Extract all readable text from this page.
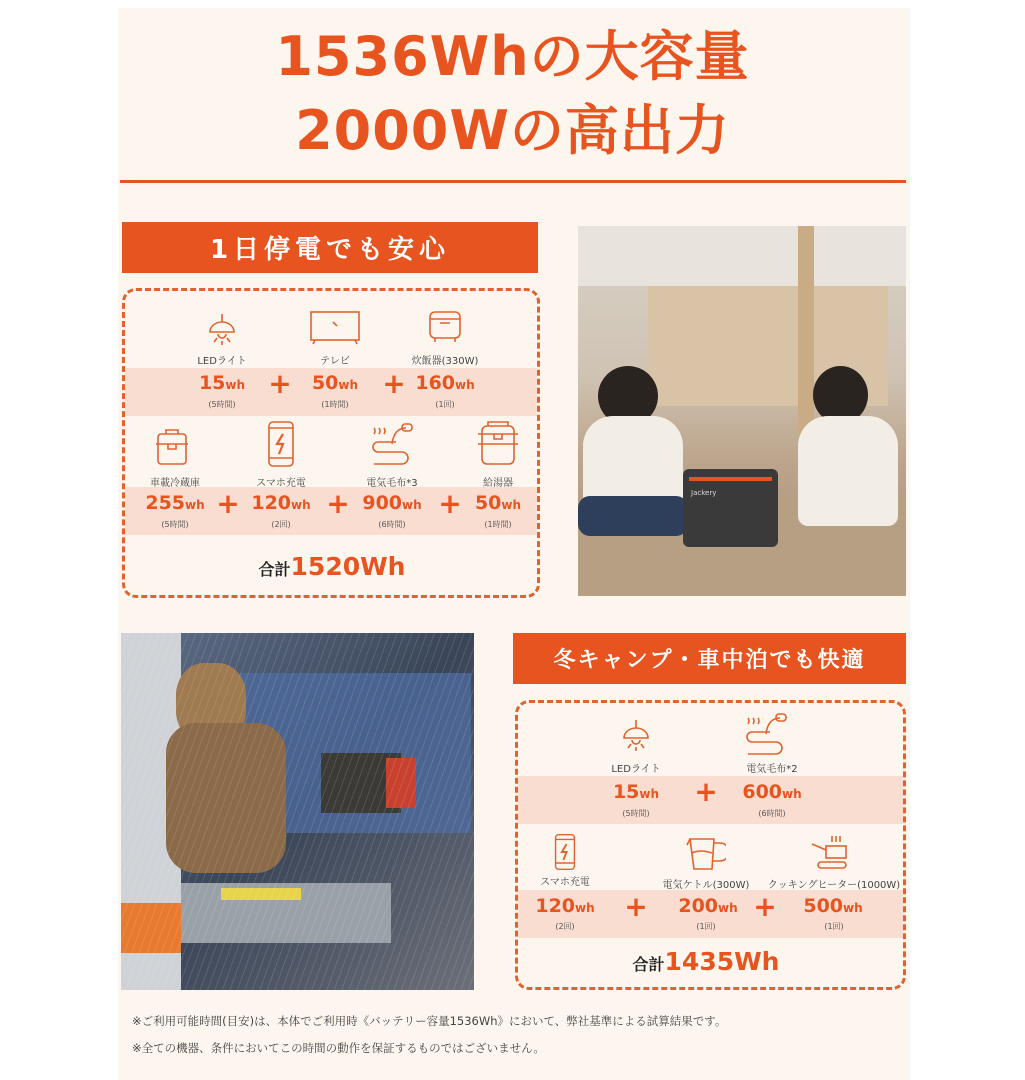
1536Whの大容量
2000Wの高出力
1日停電でも安心
LEDライト	テレビ	炊飯器(330W)
15wh	50wh	160wh
(5時間)	(1時間)	(1回)
+	+
車載冷蔵庫	スマホ充電	電気毛布*3	給湯器
255wh 120wh	900wh	50wh
(5時間)	(2回)	(6時間)	(1時間)
+	+	+
合計1520Wh
Jackery
冬キャンプ・車中泊でも快適
LEDライト	電気毛布*2
15wh	600wh
(5時間)	(6時間)
+
スマホ充電	電気ケトル(300W) クッキングヒーター(1000W)
120wh	200wh	500wh
(2回)	(1回)	(1回)
+	+
合計1435Wh
※ご利用可能時間(目安)は、本体でご利用時《バッテリー容量1536Wh》において、弊社基準による試算結果です。
※全ての機器、条件においてこの時間の動作を保証するものではございません。
